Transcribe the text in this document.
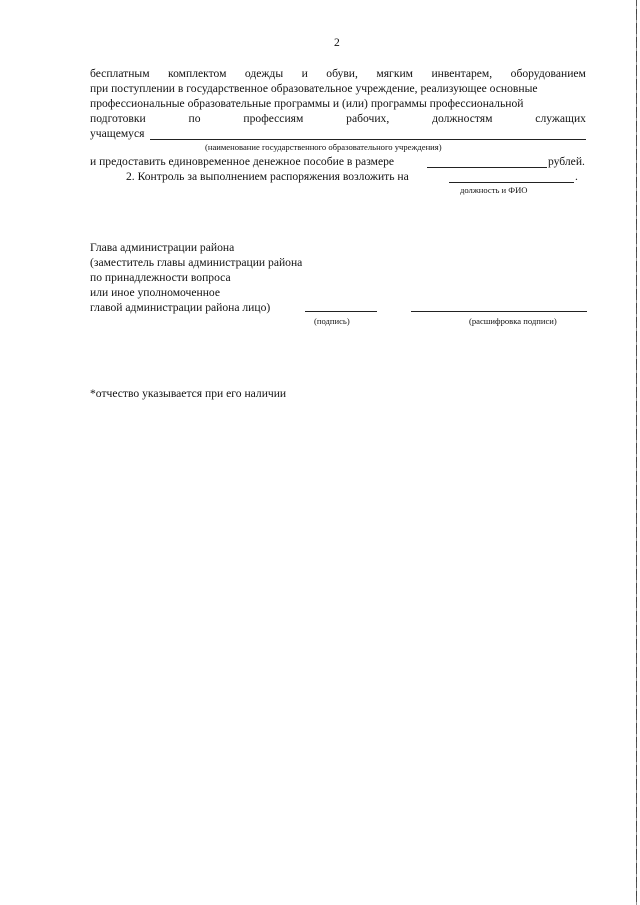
2
бесплатным комплектом одежды и обуви, мягким инвентарем, оборудованием
при поступлении в государственное образовательное учреждение, реализующее основные
профессиональные образовательные программы и (или) программы профессиональной
подготовки	по	профессиям	рабочих,	должностям	служащих
учащемуся
(наименование государственного образовательного учреждения)
и предоставить единовременное денежное пособие в размере	рублей.
2. Контроль за выполнением распоряжения возложить на	.
должность и ФИО
Глава администрации района
(заместитель главы администрации района
по принадлежности вопроса
или иное уполномоченное
главой администрации района лицо)
(подпись)	(расшифровка подписи)
*отчество указывается при его наличии
